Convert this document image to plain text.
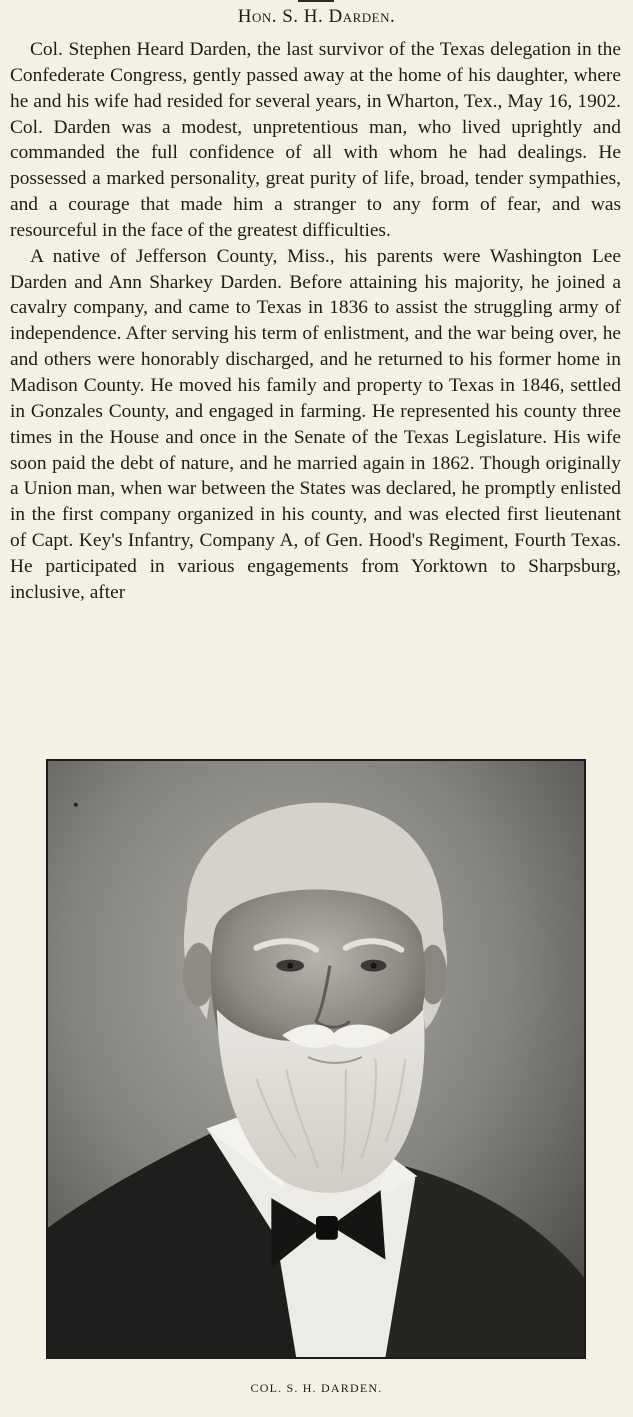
Hon. S. H. Darden.

Col. Stephen Heard Darden, the last survivor of the Texas delegation in the Confederate Congress, gently passed away at the home of his daughter, where he and his wife had resided for several years, in Wharton, Tex., May 16, 1902. Col. Darden was a modest, unpretentious man, who lived uprightly and commanded the full confidence of all with whom he had dealings. He possessed a marked personality, great purity of life, broad, tender sympathies, and a courage that made him a stranger to any form of fear, and was resourceful in the face of the greatest difficulties.

A native of Jefferson County, Miss., his parents were Washington Lee Darden and Ann Sharkey Darden. Before attaining his majority, he joined a cavalry company, and came to Texas in 1836 to assist the struggling army of independence. After serving his term of enlistment, and the war being over, he and others were honorably discharged, and he returned to his former home in Madison County. He moved his family and property to Texas in 1846, settled in Gonzales County, and engaged in farming. He represented his county three times in the House and once in the Senate of the Texas Legislature. His wife soon paid the debt of nature, and he married again in 1862. Though originally a Union man, when war between the States was declared, he promptly enlisted in the first company organized in his county, and was elected first lieutenant of Capt. Key's Infantry, Company A, of Gen. Hood's Regiment, Fourth Texas. He participated in various engagements from Yorktown to Sharpsburg, inclusive, after

COL. S. H. DARDEN.
